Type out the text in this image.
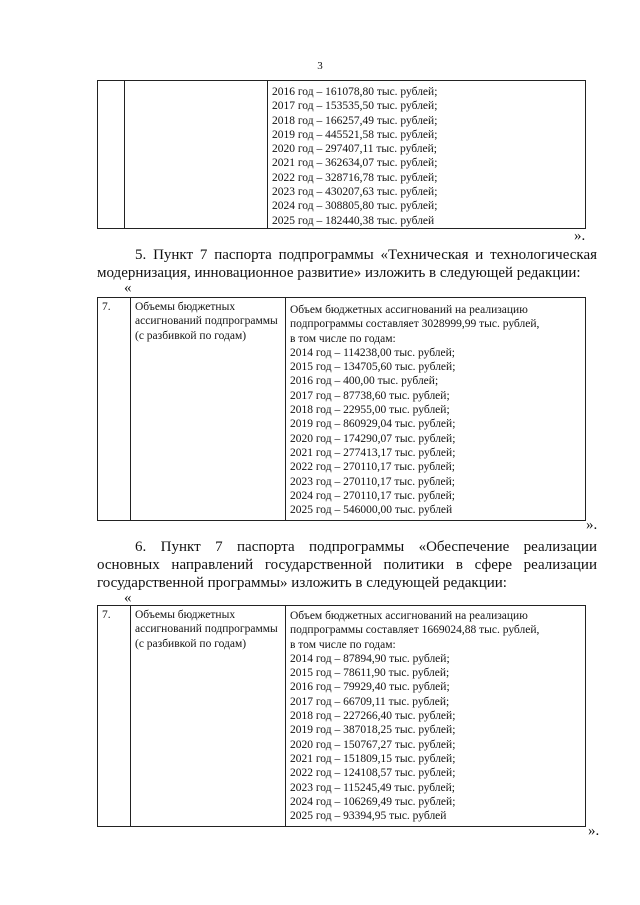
3

2016 год – 161078,80 тыс. рублей;
2017 год – 153535,50 тыс. рублей;
2018 год – 166257,49 тыс. рублей;
2019 год – 445521,58 тыс. рублей;
2020 год – 297407,11 тыс. рублей;
2021 год – 362634,07 тыс. рублей;
2022 год – 328716,78 тыс. рублей;
2023 год – 430207,63 тыс. рублей;
2024 год – 308805,80 тыс. рублей;
2025 год – 182440,38 тыс. рублей
».

5. Пункт 7 паспорта подпрограммы «Техническая и технологическая модернизация, инновационное развитие» изложить в следующей редакции:

«
7.	Объемы бюджетных ассигнований подпрограммы (с разбивкой по годам)	
Объем бюджетных ассигнований на реализацию
подпрограммы составляет 3028999,99 тыс. рублей,
в том числе по годам:
2014 год – 114238,00 тыс. рублей;
2015 год – 134705,60 тыс. рублей;
2016 год – 400,00 тыс. рублей;
2017 год – 87738,60 тыс. рублей;
2018 год – 22955,00 тыс. рублей;
2019 год – 860929,04 тыс. рублей;
2020 год – 174290,07 тыс. рублей;
2021 год – 277413,17 тыс. рублей;
2022 год – 270110,17 тыс. рублей;
2023 год – 270110,17 тыс. рублей;
2024 год – 270110,17 тыс. рублей;
2025 год – 546000,00 тыс. рублей
».

6. Пункт 7 паспорта подпрограммы «Обеспечение реализации основных направлений государственной политики в сфере реализации государственной программы» изложить в следующей редакции:

«
7.	Объемы бюджетных ассигнований подпрограммы (с разбивкой по годам)	
Объем бюджетных ассигнований на реализацию
подпрограммы составляет 1669024,88 тыс. рублей,
в том числе по годам:
2014 год – 87894,90 тыс. рублей;
2015 год – 78611,90 тыс. рублей;
2016 год – 79929,40 тыс. рублей;
2017 год – 66709,11 тыс. рублей;
2018 год – 227266,40 тыс. рублей;
2019 год – 387018,25 тыс. рублей;
2020 год – 150767,27 тыс. рублей;
2021 год – 151809,15 тыс. рублей;
2022 год – 124108,57 тыс. рублей;
2023 год – 115245,49 тыс. рублей;
2024 год – 106269,49 тыс. рублей;
2025 год – 93394,95 тыс. рублей
».
